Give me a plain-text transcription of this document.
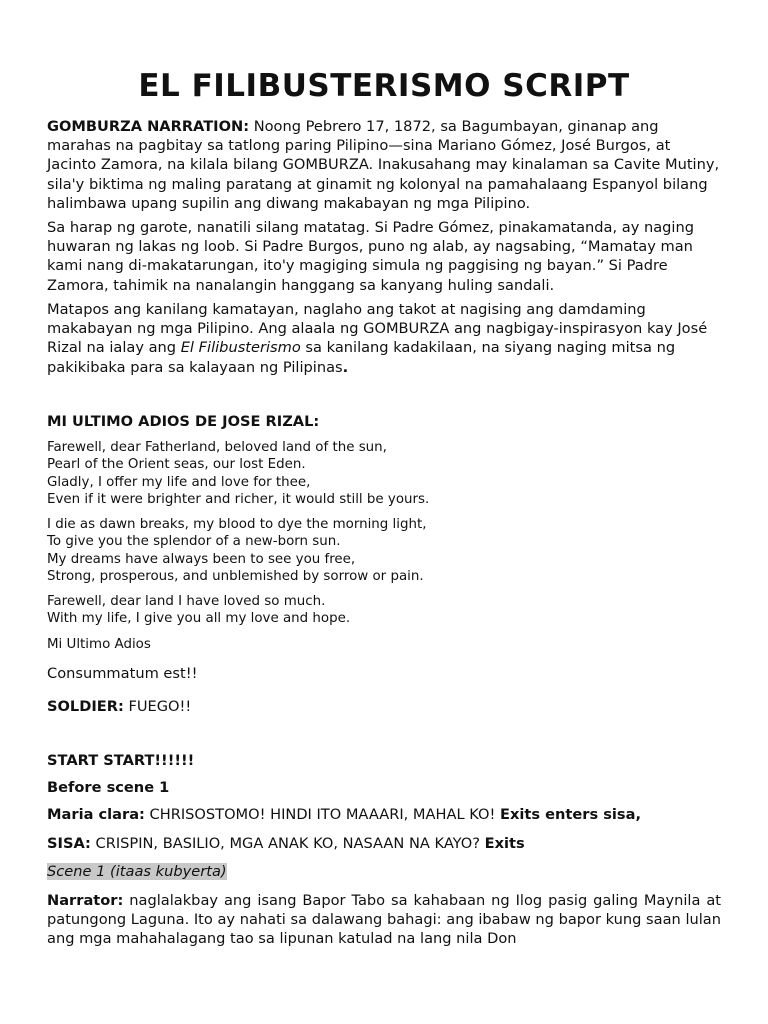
EL FILIBUSTERISMO SCRIPT

GOMBURZA NARRATION: Noong Pebrero 17, 1872, sa Bagumbayan, ginanap ang marahas na pagbitay sa tatlong paring Pilipino—sina Mariano Gómez, José Burgos, at Jacinto Zamora, na kilala bilang GOMBURZA. Inakusahang may kinalaman sa Cavite Mutiny, sila'y biktima ng maling paratang at ginamit ng kolonyal na pamahalaang Espanyol bilang halimbawa upang supilin ang diwang makabayan ng mga Pilipino.

Sa harap ng garote, nanatili silang matatag. Si Padre Gómez, pinakamatanda, ay naging huwaran ng lakas ng loob. Si Padre Burgos, puno ng alab, ay nagsabing, “Mamatay man kami nang di-makatarungan, ito'y magiging simula ng paggising ng bayan.” Si Padre Zamora, tahimik na nanalangin hanggang sa kanyang huling sandali.

Matapos ang kanilang kamatayan, naglaho ang takot at nagising ang damdaming makabayan ng mga Pilipino. Ang alaala ng GOMBURZA ang nagbigay-inspirasyon kay José Rizal na ialay ang El Filibusterismo sa kanilang kadakilaan, na siyang naging mitsa ng pakikibaka para sa kalayaan ng Pilipinas.

MI ULTIMO ADIOS DE JOSE RIZAL:

Farewell, dear Fatherland, beloved land of the sun,
Pearl of the Orient seas, our lost Eden.
Gladly, I offer my life and love for thee,
Even if it were brighter and richer, it would still be yours.
I die as dawn breaks, my blood to dye the morning light,
To give you the splendor of a new-born sun.
My dreams have always been to see you free,
Strong, prosperous, and unblemished by sorrow or pain.
Farewell, dear land I have loved so much.
With my life, I give you all my love and hope.

Mi Ultimo Adios

Consummatum est!!

SOLDIER: FUEGO!!

START START!!!!!!

Before scene 1

Maria clara: CHRISOSTOMO! HINDI ITO MAAARI, MAHAL KO! Exits enters sisa,

SISA: CRISPIN, BASILIO, MGA ANAK KO, NASAAN NA KAYO? Exits

Scene 1 (itaas kubyerta)

Narrator: naglalakbay ang isang Bapor Tabo sa kahabaan ng Ilog pasig galing Maynila at patungong Laguna. Ito ay nahati sa dalawang bahagi: ang ibabaw ng bapor kung saan lulan ang mga mahahalagang tao sa lipunan katulad na lang nila Don
